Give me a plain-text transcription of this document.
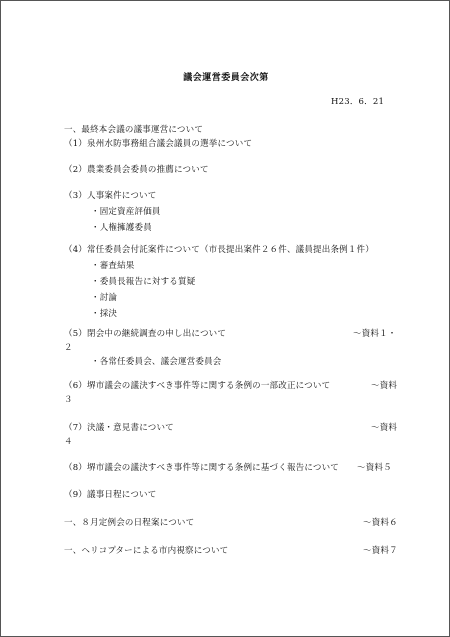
議会運営委員会次第
H23．6．21
一、最終本会議の議事運営について
（1）泉州水防事務組合議会議員の選挙について
（2）農業委員会委員の推薦について
（3）人事案件について
・固定資産評価員
・人権擁護委員
（4）常任委員会付託案件について（市長提出案件２６件、議員提出条例１件）
・審査結果
・委員長報告に対する質疑
・討論
・採決
（5）閉会中の継続調査の申し出について	〜資料１・
２
・各常任委員会、議会運営委員会
（6）堺市議会の議決すべき事件等に関する条例の一部改正について	〜資料
３
（7）決議・意見書について	〜資料
４
（8）堺市議会の議決すべき事件等に関する条例に基づく報告について 〜資料５
（9）議事日程について
一、８月定例会の日程案について	〜資料６
一、ヘリコプターによる市内視察について	〜資料７
